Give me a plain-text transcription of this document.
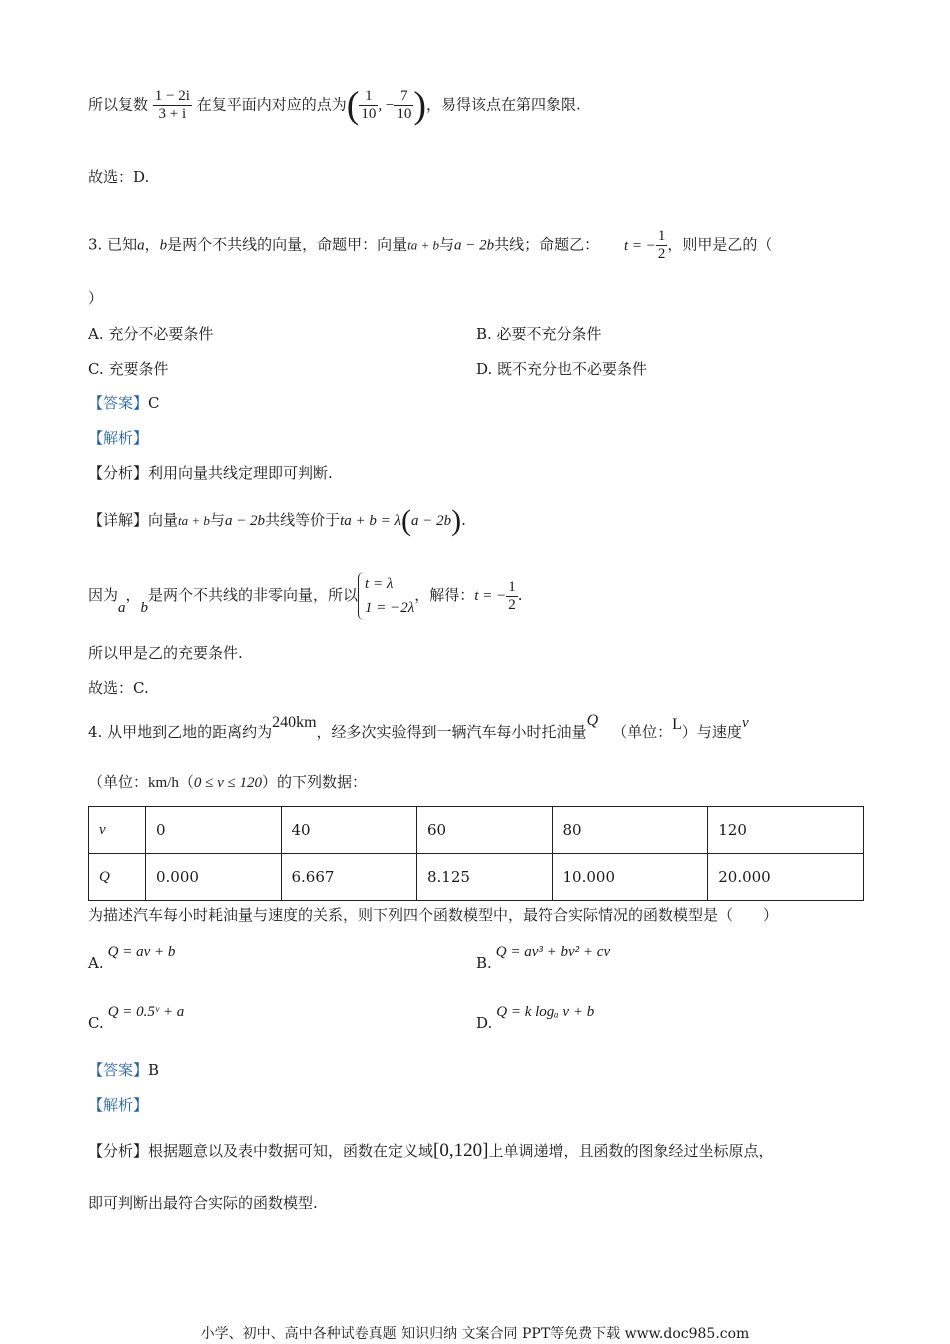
所以复数 $\frac{1 - 2i}{3 + i}$ 在复平面内对应的点为( $\frac{1}{10}$ , − $\frac{7}{10}$ )，易得该点在第四象限.
故选：D.
3. 已知a，b是两个不共线的向量，命题甲：向量ta + b与a − 2b共线；命题乙： t = − $\frac{1}{2}$ ，则甲是乙的（
）
A. 充分不必要条件	B. 必要不充分条件
C. 充要条件	D. 既不充分也不必要条件
【答案】C
【解析】
【分析】利用向量共线定理即可判断.
【详解】向量ta + b与a − 2b共线等价于ta + b = λ(a − 2b).
因为a，b是两个不共线的非零向量，所以
t = λ
1 = −2λ
，解得：t = − $\frac{1}{2}$ .
所以甲是乙的充要条件.
故选：C.
4. 从甲地到乙地的距离约为240km，经多次实验得到一辆汽车每小时托油量Q（单位：L）与速度v
（单位：km/h（0 ≤ v ≤ 120）的下列数据：
v	0	40	60	80	120
Q	0.000	6.667	8.125	10.000	20.000
为描述汽车每小时耗油量与速度的关系，则下列四个函数模型中，最符合实际情况的函数模型是（　　）
A.Q = av + b
B.Q = av³ + bv² + cv
C.Q = 0.5ᵛ + a
D.Q = k logₐ v + b
【答案】B
【解析】
【分析】根据题意以及表中数据可知，函数在定义域[0,120]上单调递增，且函数的图象经过坐标原点，
即可判断出最符合实际的函数模型.
小学、初中、高中各种试卷真题 知识归纳 文案合同 PPT等免费下载 www.doc985.com
